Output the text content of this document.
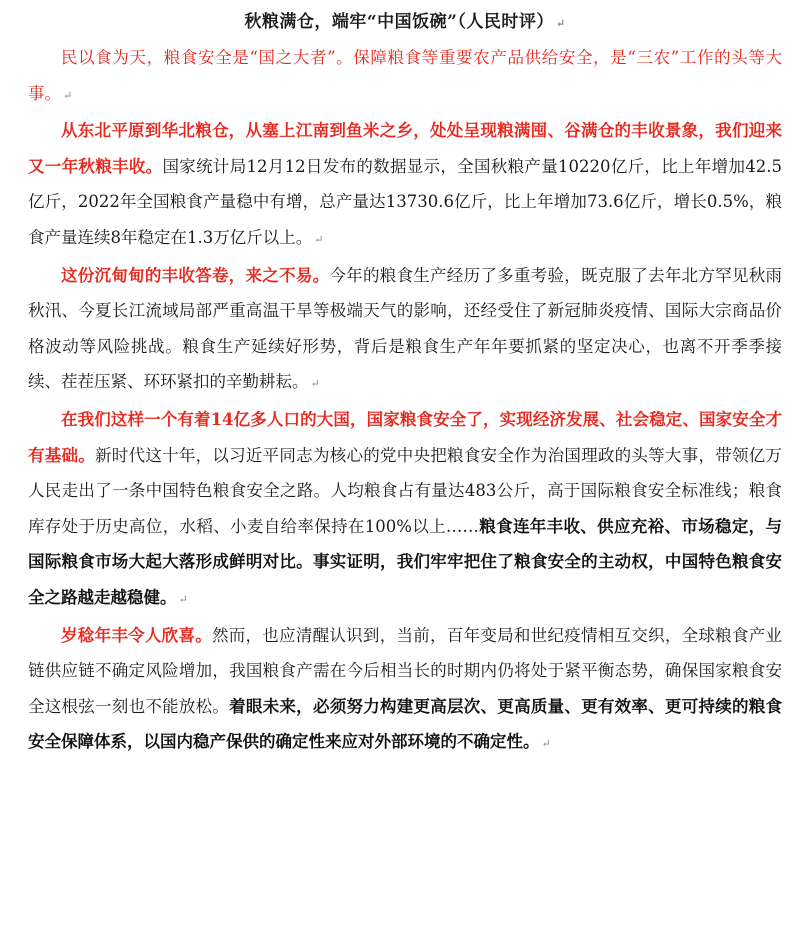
秋粮满仓，端牢“中国饭碗”（人民时评） ↵

民以食为天，粮食安全是“国之大者”。保障粮食等重要农产品供给安全，是“三农”工作的头等大事。 ↵

从东北平原到华北粮仓，从塞上江南到鱼米之乡，处处呈现粮满囤、谷满仓的丰收景象，我们迎来又一年秋粮丰收。国家统计局12月12日发布的数据显示，全国秋粮产量10220亿斤，比上年增加42.5亿斤，2022年全国粮食产量稳中有增，总产量达13730.6亿斤，比上年增加73.6亿斤，增长0.5%，粮食产量连续8年稳定在1.3万亿斤以上。 ↵

这份沉甸甸的丰收答卷，来之不易。今年的粮食生产经历了多重考验，既克服了去年北方罕见秋雨秋汛、今夏长江流域局部严重高温干旱等极端天气的影响，还经受住了新冠肺炎疫情、国际大宗商品价格波动等风险挑战。粮食生产延续好形势，背后是粮食生产年年要抓紧的坚定决心，也离不开季季接续、茬茬压紧、环环紧扣的辛勤耕耘。 ↵

在我们这样一个有着14亿多人口的大国，国家粮食安全了，实现经济发展、社会稳定、国家安全才有基础。新时代这十年，以习近平同志为核心的党中央把粮食安全作为治国理政的头等大事，带领亿万人民走出了一条中国特色粮食安全之路。人均粮食占有量达483公斤，高于国际粮食安全标准线；粮食库存处于历史高位，水稻、小麦自给率保持在100%以上……粮食连年丰收、供应充裕、市场稳定，与国际粮食市场大起大落形成鲜明对比。事实证明，我们牢牢把住了粮食安全的主动权，中国特色粮食安全之路越走越稳健。 ↵

岁稔年丰令人欣喜。然而，也应清醒认识到，当前，百年变局和世纪疫情相互交织，全球粮食产业链供应链不确定风险增加，我国粮食产需在今后相当长的时期内仍将处于紧平衡态势，确保国家粮食安全这根弦一刻也不能放松。着眼未来，必须努力构建更高层次、更高质量、更有效率、更可持续的粮食安全保障体系，以国内稳产保供的确定性来应对外部环境的不确定性。 ↵
